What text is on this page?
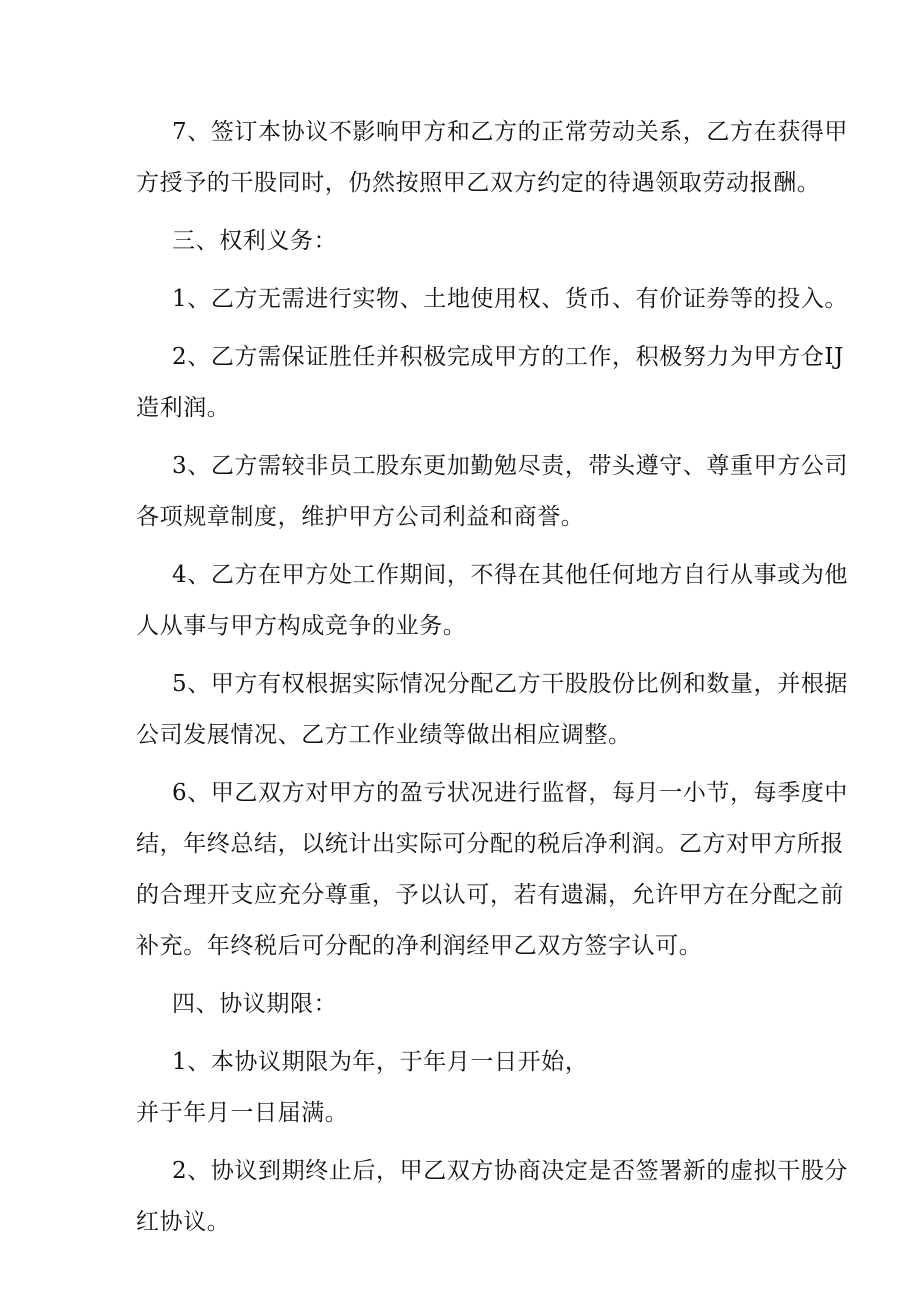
7、签订本协议不影响甲方和乙方的正常劳动关系，乙方在获得甲
方授予的干股同时，仍然按照甲乙双方约定的待遇领取劳动报酬。
三、权利义务：
1、乙方无需进行实物、土地使用权、货币、有价证券等的投入。
2、乙方需保证胜任并积极完成甲方的工作，积极努力为甲方仓IJ
造利润。
3、乙方需较非员工股东更加勤勉尽责，带头遵守、尊重甲方公司
各项规章制度，维护甲方公司利益和商誉。
4、乙方在甲方处工作期间，不得在其他任何地方自行从事或为他
人从事与甲方构成竞争的业务。
5、甲方有权根据实际情况分配乙方干股股份比例和数量，并根据
公司发展情况、乙方工作业绩等做出相应调整。
6、甲乙双方对甲方的盈亏状况进行监督，每月一小节，每季度中
结，年终总结，以统计出实际可分配的税后净利润。乙方对甲方所报
的合理开支应充分尊重，予以认可，若有遗漏，允许甲方在分配之前
补充。年终税后可分配的净利润经甲乙双方签字认可。
四、协议期限：
1、本协议期限为年，于年月一日开始，
并于年月一日届满。
2、协议到期终止后，甲乙双方协商决定是否签署新的虚拟干股分
红协议。
